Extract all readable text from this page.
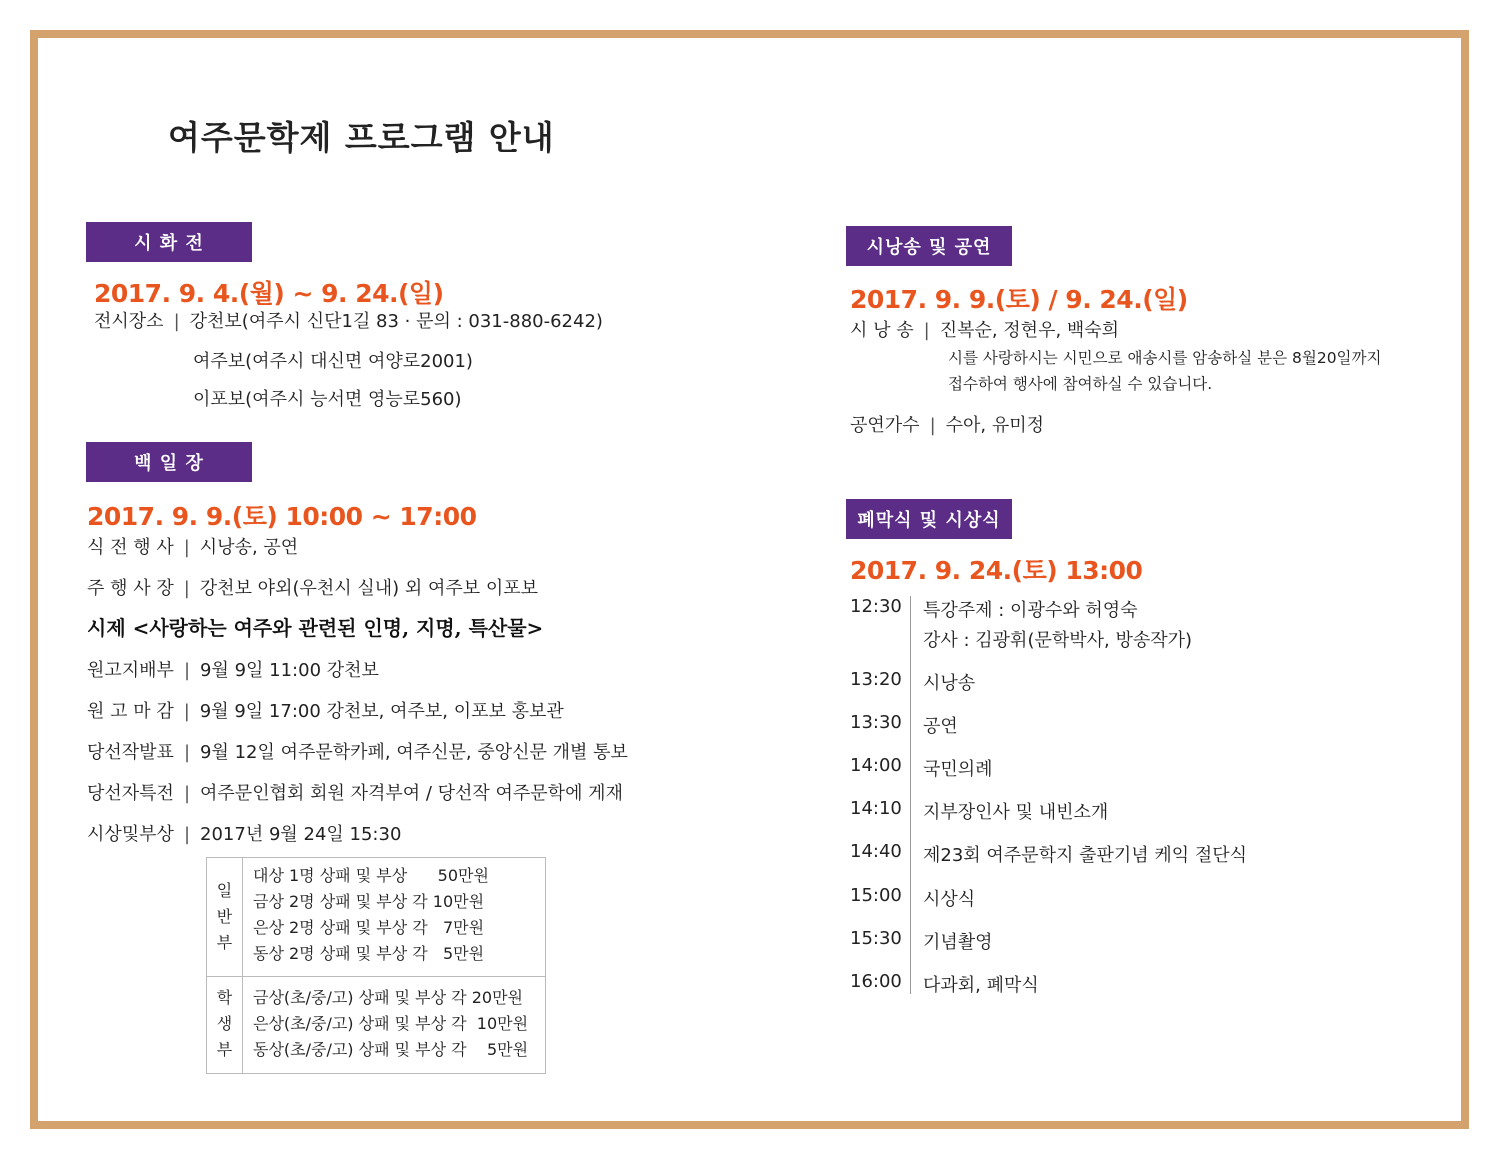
여주문학제 프로그램 안내
시 화 전
2017. 9. 4.(월) ~ 9. 24.(일)
전시장소 | 강천보(여주시 신단1길 83 · 문의 : 031-880-6242)
여주보(여주시 대신면 여양로2001)
이포보(여주시 능서면 영능로560)
백 일 장
2017. 9. 9.(토) 10:00 ~ 17:00
식 전 행 사 | 시낭송, 공연
주 행 사 장 | 강천보 야외(우천시 실내) 외 여주보 이포보
시제 <사랑하는 여주와 관련된 인명, 지명, 특산물>
원고지배부 | 9월 9일 11:00 강천보
원 고 마 감 | 9월 9일 17:00 강천보, 여주보, 이포보 홍보관
당선작발표 | 9월 12일 여주문학카페, 여주신문, 중앙신문 개별 통보
당선자특전 | 여주문인협회 회원 자격부여 / 당선작 여주문학에 게재
시상및부상 | 2017년 9월 24일 15:30
일
반
부
대상 1명 상패 및 부상      50만원
금상 2명 상패 및 부상 각 10만원
은상 2명 상패 및 부상 각   7만원
동상 2명 상패 및 부상 각   5만원
학
생
부
금상(초/중/고) 상패 및 부상 각 20만원
은상(초/중/고) 상패 및 부상 각  10만원
동상(초/중/고) 상패 및 부상 각    5만원
시낭송 및 공연
2017. 9. 9.(토) / 9. 24.(일)
시 낭 송 | 진복순, 정현우, 백숙희
시를 사랑하시는 시민으로 애송시를 암송하실 분은 8월20일까지
접수하여 행사에 참여하실 수 있습니다.
공연가수 | 수아, 유미정
폐막식 및 시상식
2017. 9. 24.(토) 13:00
12:30 특강주제 : 이광수와 허영숙
강사 : 김광휘(문학박사, 방송작가)
13:20 시낭송
13:30 공연
14:00 국민의례
14:10 지부장인사 및 내빈소개
14:40 제23회 여주문학지 출판기념 케익 절단식
15:00 시상식
15:30 기념촬영
16:00 다과회, 폐막식
